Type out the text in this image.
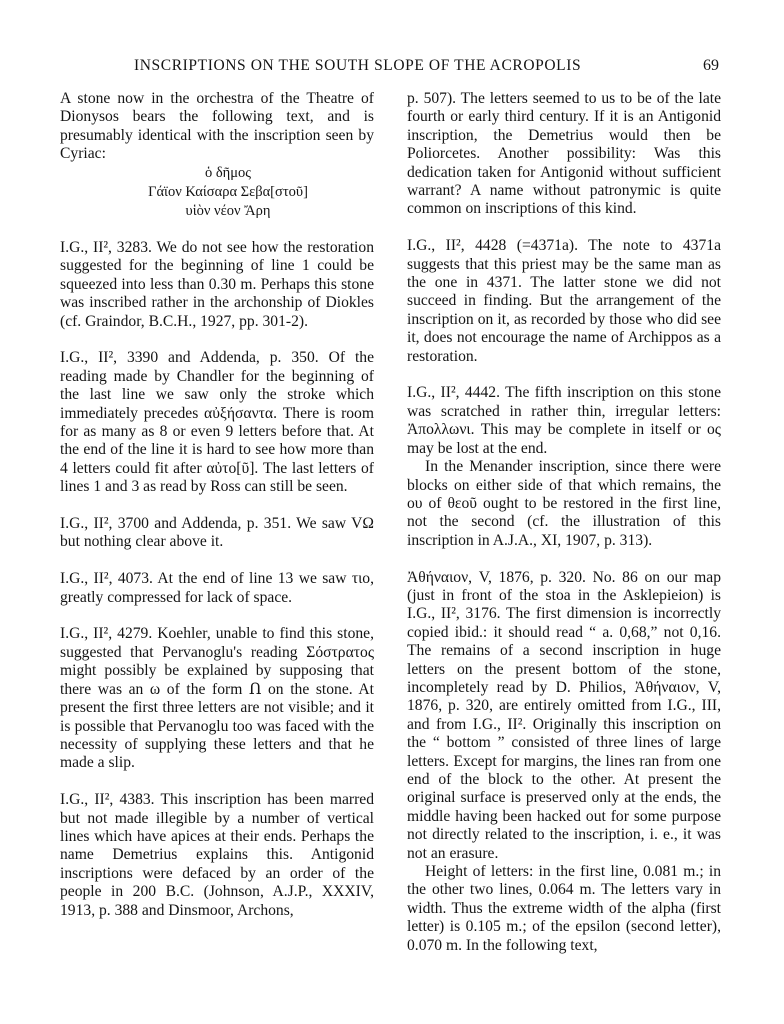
INSCRIPTIONS ON THE SOUTH SLOPE OF THE ACROPOLIS	69

A stone now in the orchestra of the Theatre of Dionysos bears the following text, and is presumably identical with the inscription seen by Cyriac:

ὁ δῆμος

Γάϊον Καίσαρα Σεβα[στοῦ]

υἱὸν νέον Ἄρη

I.G., II², 3283. We do not see how the restoration suggested for the beginning of line 1 could be squeezed into less than 0.30 m. Perhaps this stone was inscribed rather in the archonship of Diokles (cf. Graindor, B.C.H., 1927, pp. 301-2).

I.G., II², 3390 and Addenda, p. 350. Of the reading made by Chandler for the beginning of the last line we saw only the stroke which immediately precedes αὐξήσαντα. There is room for as many as 8 or even 9 letters before that. At the end of the line it is hard to see how more than 4 letters could fit after αὐτο[ῦ]. The last letters of lines 1 and 3 as read by Ross can still be seen.

I.G., II², 3700 and Addenda, p. 351. We saw VΩ but nothing clear above it.

I.G., II², 4073. At the end of line 13 we saw τιο, greatly compressed for lack of space.

I.G., II², 4279. Koehler, unable to find this stone, suggested that Pervanoglu's reading Σόστρατος might possibly be explained by supposing that there was an ω of the form Ո on the stone. At present the first three letters are not visible; and it is possible that Pervanoglu too was faced with the necessity of supplying these letters and that he made a slip.

I.G., II², 4383. This inscription has been marred but not made illegible by a number of vertical lines which have apices at their ends. Perhaps the name Demetrius explains this. Antigonid inscriptions were defaced by an order of the people in 200 B.C. (Johnson, A.J.P., XXXIV, 1913, p. 388 and Dinsmoor, Archons,

p. 507). The letters seemed to us to be of the late fourth or early third century. If it is an Antigonid inscription, the Demetrius would then be Poliorcetes. Another possibility: Was this dedication taken for Antigonid without sufficient warrant? A name without patronymic is quite common on inscriptions of this kind.

I.G., II², 4428 (=4371a). The note to 4371a suggests that this priest may be the same man as the one in 4371. The latter stone we did not succeed in finding. But the arrangement of the inscription on it, as recorded by those who did see it, does not encourage the name of Archippos as a restoration.

I.G., II², 4442. The fifth inscription on this stone was scratched in rather thin, irregular letters: Ἀπολλωνι. This may be complete in itself or ος may be lost at the end.

In the Menander inscription, since there were blocks on either side of that which remains, the ου of θεοῦ ought to be restored in the first line, not the second (cf. the illustration of this inscription in A.J.A., XI, 1907, p. 313).

Ἀθήναιον, V, 1876, p. 320. No. 86 on our map (just in front of the stoa in the Asklepieion) is I.G., II², 3176. The first dimension is incorrectly copied ibid.: it should read “ a. 0,68,” not 0,16. The remains of a second inscription in huge letters on the present bottom of the stone, incompletely read by D. Philios, Ἀθήναιον, V, 1876, p. 320, are entirely omitted from I.G., III, and from I.G., II². Originally this inscription on the “ bottom ” consisted of three lines of large letters. Except for margins, the lines ran from one end of the block to the other. At present the original surface is preserved only at the ends, the middle having been hacked out for some purpose not directly related to the inscription, i. e., it was not an erasure.

Height of letters: in the first line, 0.081 m.; in the other two lines, 0.064 m. The letters vary in width. Thus the extreme width of the alpha (first letter) is 0.105 m.; of the epsilon (second letter), 0.070 m. In the following text,
